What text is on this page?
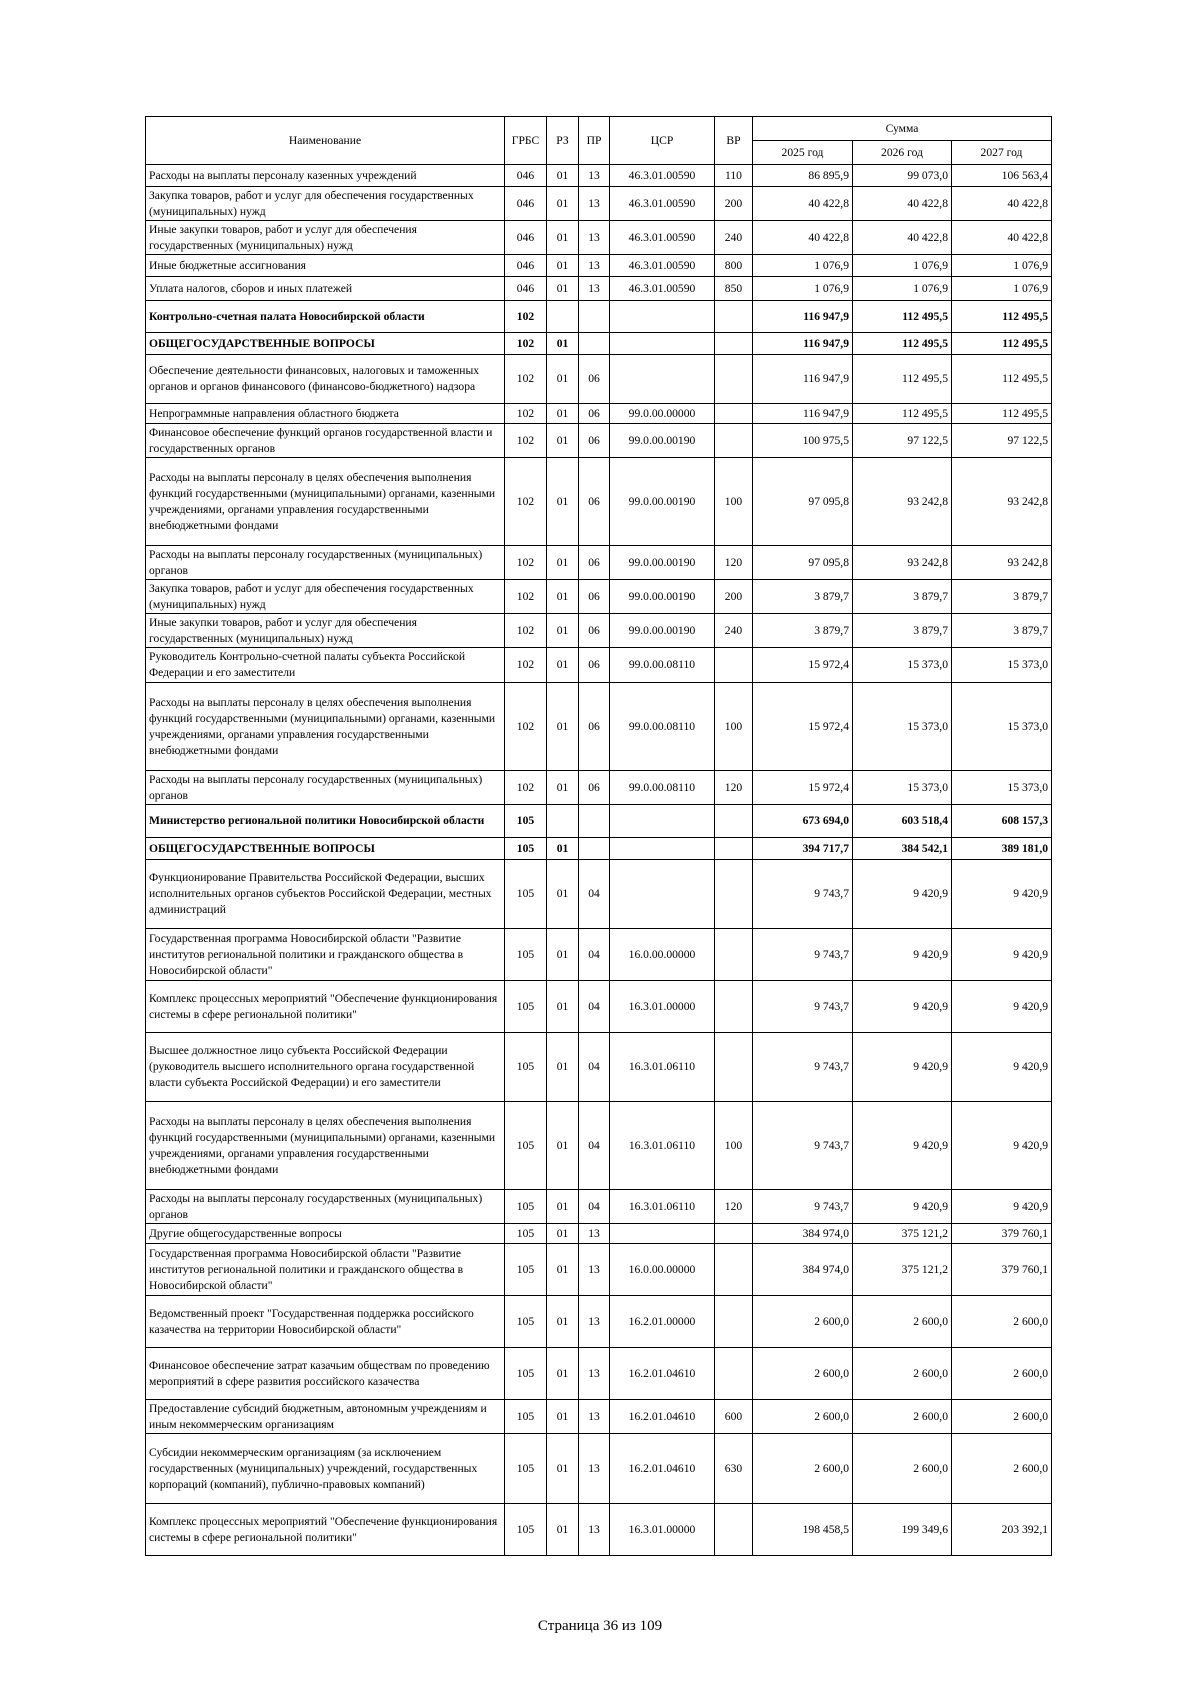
Наименование	ГРБС	РЗ	ПР	ЦСР	ВР	Сумма		
						2025 год	2026 год	2027 год
Расходы на выплаты персоналу казенных учреждений	046	01	13	46.3.01.00590	110	86 895,9	99 073,0	106 563,4
Закупка товаров, работ и услуг для обеспечения государственных (муниципальных) нужд	046	01	13	46.3.01.00590	200	40 422,8	40 422,8	40 422,8
Иные закупки товаров, работ и услуг для обеспечения государственных (муниципальных) нужд	046	01	13	46.3.01.00590	240	40 422,8	40 422,8	40 422,8
Иные бюджетные ассигнования	046	01	13	46.3.01.00590	800	1 076,9	1 076,9	1 076,9
Уплата налогов, сборов и иных платежей	046	01	13	46.3.01.00590	850	1 076,9	1 076,9	1 076,9
Контрольно-счетная палата Новосибирской области	102					116 947,9	112 495,5	112 495,5
ОБЩЕГОСУДАРСТВЕННЫЕ ВОПРОСЫ	102	01				116 947,9	112 495,5	112 495,5
Обеспечение деятельности финансовых, налоговых и таможенных органов и органов финансового (финансово-бюджетного) надзора	102	01	06			116 947,9	112 495,5	112 495,5
Непрограммные направления областного бюджета	102	01	06	99.0.00.00000		116 947,9	112 495,5	112 495,5
Финансовое обеспечение функций органов государственной власти и государственных органов	102	01	06	99.0.00.00190		100 975,5	97 122,5	97 122,5
Расходы на выплаты персоналу в целях обеспечения выполнения функций государственными (муниципальными) органами, казенными учреждениями, органами управления государственными внебюджетными фондами	102	01	06	99.0.00.00190	100	97 095,8	93 242,8	93 242,8
Расходы на выплаты персоналу государственных (муниципальных) органов	102	01	06	99.0.00.00190	120	97 095,8	93 242,8	93 242,8
Закупка товаров, работ и услуг для обеспечения государственных (муниципальных) нужд	102	01	06	99.0.00.00190	200	3 879,7	3 879,7	3 879,7
Иные закупки товаров, работ и услуг для обеспечения государственных (муниципальных) нужд	102	01	06	99.0.00.00190	240	3 879,7	3 879,7	3 879,7
Руководитель Контрольно-счетной палаты субъекта Российской Федерации и его заместители	102	01	06	99.0.00.08110		15 972,4	15 373,0	15 373,0
Расходы на выплаты персоналу в целях обеспечения выполнения функций государственными (муниципальными) органами, казенными учреждениями, органами управления государственными внебюджетными фондами	102	01	06	99.0.00.08110	100	15 972,4	15 373,0	15 373,0
Расходы на выплаты персоналу государственных (муниципальных) органов	102	01	06	99.0.00.08110	120	15 972,4	15 373,0	15 373,0
Министерство региональной политики Новосибирской области	105					673 694,0	603 518,4	608 157,3
ОБЩЕГОСУДАРСТВЕННЫЕ ВОПРОСЫ	105	01				394 717,7	384 542,1	389 181,0
Функционирование Правительства Российской Федерации, высших исполнительных органов субъектов Российской Федерации, местных администраций	105	01	04			9 743,7	9 420,9	9 420,9
Государственная программа Новосибирской области "Развитие институтов региональной политики и гражданского общества в Новосибирской области"	105	01	04	16.0.00.00000		9 743,7	9 420,9	9 420,9
Комплекс процессных мероприятий "Обеспечение функционирования системы в сфере региональной политики"	105	01	04	16.3.01.00000		9 743,7	9 420,9	9 420,9
Высшее должностное лицо субъекта Российской Федерации (руководитель высшего исполнительного органа государственной власти субъекта Российской Федерации) и его заместители	105	01	04	16.3.01.06110		9 743,7	9 420,9	9 420,9
Расходы на выплаты персоналу в целях обеспечения выполнения функций государственными (муниципальными) органами, казенными учреждениями, органами управления государственными внебюджетными фондами	105	01	04	16.3.01.06110	100	9 743,7	9 420,9	9 420,9
Расходы на выплаты персоналу государственных (муниципальных) органов	105	01	04	16.3.01.06110	120	9 743,7	9 420,9	9 420,9
Другие общегосударственные вопросы	105	01	13			384 974,0	375 121,2	379 760,1
Государственная программа Новосибирской области "Развитие институтов региональной политики и гражданского общества в Новосибирской области"	105	01	13	16.0.00.00000		384 974,0	375 121,2	379 760,1
Ведомственный проект "Государственная поддержка российского казачества на территории Новосибирской области"	105	01	13	16.2.01.00000		2 600,0	2 600,0	2 600,0
Финансовое обеспечение затрат казачьим обществам по проведению мероприятий в сфере развития российского казачества	105	01	13	16.2.01.04610		2 600,0	2 600,0	2 600,0
Предоставление субсидий бюджетным, автономным учреждениям и иным некоммерческим организациям	105	01	13	16.2.01.04610	600	2 600,0	2 600,0	2 600,0
Субсидии некоммерческим организациям (за исключением государственных (муниципальных) учреждений, государственных корпораций (компаний), публично-правовых компаний)	105	01	13	16.2.01.04610	630	2 600,0	2 600,0	2 600,0
Комплекс процессных мероприятий "Обеспечение функционирования системы в сфере региональной политики"	105	01	13	16.3.01.00000		198 458,5	199 349,6	203 392,1
Страница 36 из 109
